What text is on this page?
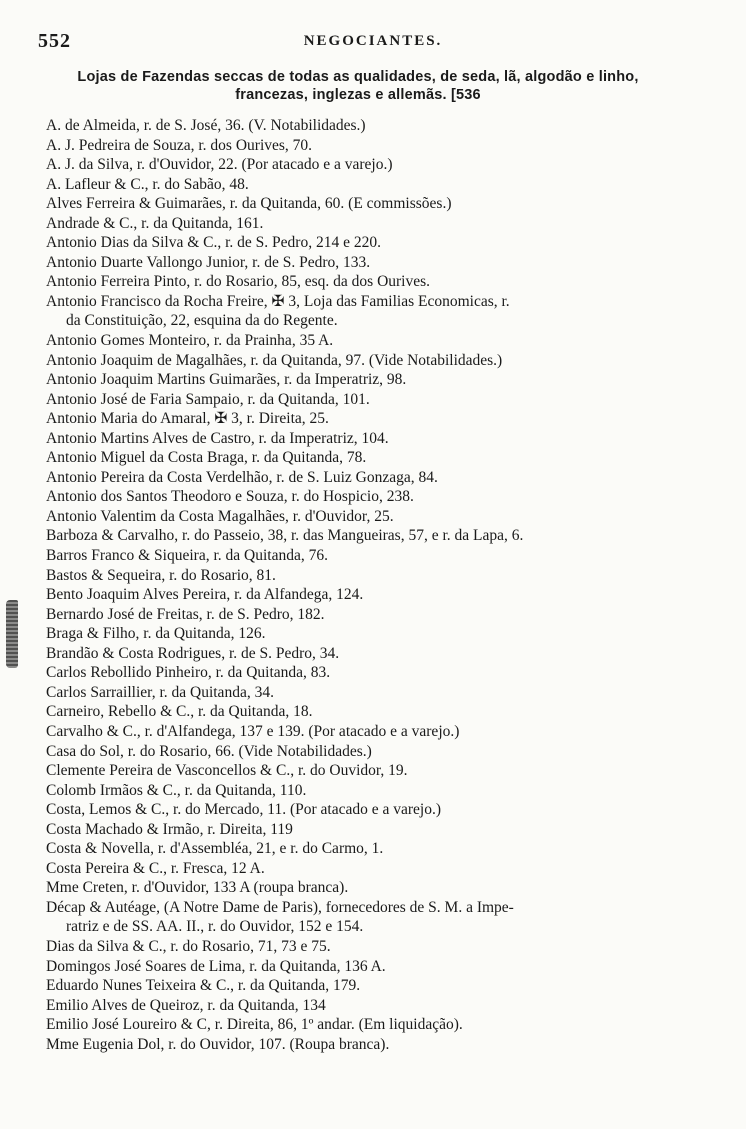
552	NEGOCIANTES.
Lojas de Fazendas seccas de todas as qualidades, de seda, lã, algodão e linho,
francezas, inglezas e allemãs. [536
A. de Almeida, r. de S. José, 36. (V. Notabilidades.)
A. J. Pedreira de Souza, r. dos Ourives, 70.
A. J. da Silva, r. d'Ouvidor, 22. (Por atacado e a varejo.)
A. Lafleur & C., r. do Sabão, 48.
Alves Ferreira & Guimarães, r. da Quitanda, 60. (E commissões.)
Andrade & C., r. da Quitanda, 161.
Antonio Dias da Silva & C., r. de S. Pedro, 214 e 220.
Antonio Duarte Vallongo Junior, r. de S. Pedro, 133.
Antonio Ferreira Pinto, r. do Rosario, 85, esq. da dos Ourives.
Antonio Francisco da Rocha Freire, ✠ 3, Loja das Familias Economicas, r.
da Constituição, 22, esquina da do Regente.
Antonio Gomes Monteiro, r. da Prainha, 35 A.
Antonio Joaquim de Magalhães, r. da Quitanda, 97. (Vide Notabilidades.)
Antonio Joaquim Martins Guimarães, r. da Imperatriz, 98.
Antonio José de Faria Sampaio, r. da Quitanda, 101.
Antonio Maria do Amaral, ✠ 3, r. Direita, 25.
Antonio Martins Alves de Castro, r. da Imperatriz, 104.
Antonio Miguel da Costa Braga, r. da Quitanda, 78.
Antonio Pereira da Costa Verdelhão, r. de S. Luiz Gonzaga, 84.
Antonio dos Santos Theodoro e Souza, r. do Hospicio, 238.
Antonio Valentim da Costa Magalhães, r. d'Ouvidor, 25.
Barboza & Carvalho, r. do Passeio, 38, r. das Mangueiras, 57, e r. da Lapa, 6.
Barros Franco & Siqueira, r. da Quitanda, 76.
Bastos & Sequeira, r. do Rosario, 81.
Bento Joaquim Alves Pereira, r. da Alfandega, 124.
Bernardo José de Freitas, r. de S. Pedro, 182.
Braga & Filho, r. da Quitanda, 126.
Brandão & Costa Rodrigues, r. de S. Pedro, 34.
Carlos Rebollido Pinheiro, r. da Quitanda, 83.
Carlos Sarraillier, r. da Quitanda, 34.
Carneiro, Rebello & C., r. da Quitanda, 18.
Carvalho & C., r. d'Alfandega, 137 e 139. (Por atacado e a varejo.)
Casa do Sol, r. do Rosario, 66. (Vide Notabilidades.)
Clemente Pereira de Vasconcellos & C., r. do Ouvidor, 19.
Colomb Irmãos & C., r. da Quitanda, 110.
Costa, Lemos & C., r. do Mercado, 11. (Por atacado e a varejo.)
Costa Machado & Irmão, r. Direita, 119
Costa & Novella, r. d'Assembléa, 21, e r. do Carmo, 1.
Costa Pereira & C., r. Fresca, 12 A.
Mme Creten, r. d'Ouvidor, 133 A (roupa branca).
Décap & Autéage, (A Notre Dame de Paris), fornecedores de S. M. a Impe-
ratriz e de SS. AA. II., r. do Ouvidor, 152 e 154.
Dias da Silva & C., r. do Rosario, 71, 73 e 75.
Domingos José Soares de Lima, r. da Quitanda, 136 A.
Eduardo Nunes Teixeira & C., r. da Quitanda, 179.
Emilio Alves de Queiroz, r. da Quitanda, 134
Emilio José Loureiro & C, r. Direita, 86, 1º andar. (Em liquidação).
Mme Eugenia Dol, r. do Ouvidor, 107. (Roupa branca).
